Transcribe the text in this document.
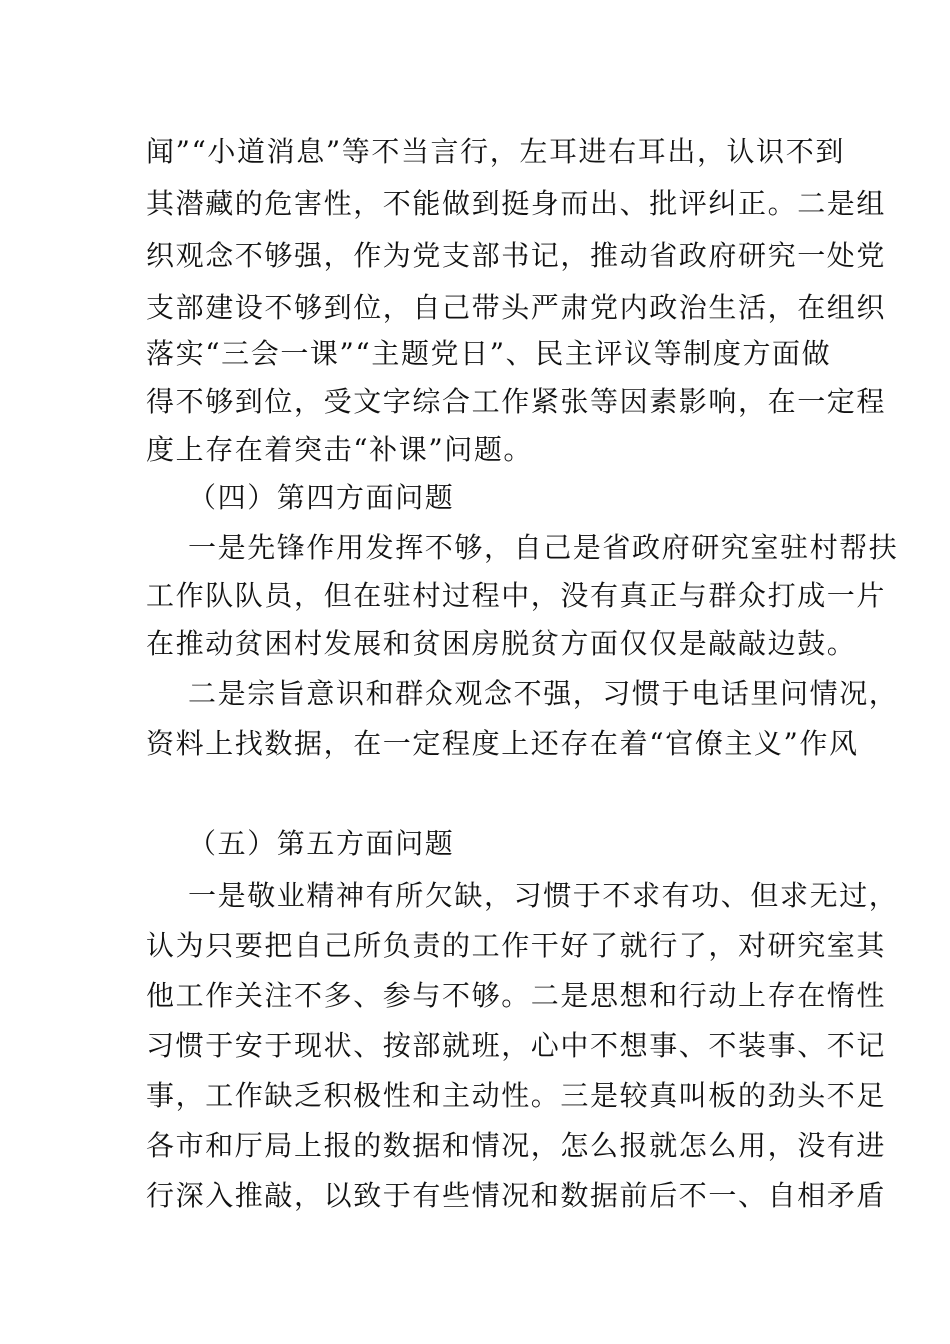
闻”“小道消息”等不当言行，左耳进右耳出，认识不到
其潜藏的危害性，不能做到挺身而出、批评纠正。二是组
织观念不够强，作为党支部书记，推动省政府研究一处党
支部建设不够到位，自己带头严肃党内政治生活，在组织
落实“三会一课”“主题党日”、民主评议等制度方面做
得不够到位，受文字综合工作紧张等因素影响，在一定程
度上存在着突击“补课”问题。
（四）第四方面问题
一是先锋作用发挥不够，自己是省政府研究室驻村帮扶
工作队队员，但在驻村过程中，没有真正与群众打成一片
在推动贫困村发展和贫困房脱贫方面仅仅是敲敲边鼓。
二是宗旨意识和群众观念不强，习惯于电话里问情况，
资料上找数据，在一定程度上还存在着“官僚主义”作风
（五）第五方面问题
一是敬业精神有所欠缺，习惯于不求有功、但求无过，
认为只要把自己所负责的工作干好了就行了，对研究室其
他工作关注不多、参与不够。二是思想和行动上存在惰性
习惯于安于现状、按部就班，心中不想事、不装事、不记
事，工作缺乏积极性和主动性。三是较真叫板的劲头不足
各市和厅局上报的数据和情况，怎么报就怎么用，没有进
行深入推敲，以致于有些情况和数据前后不一、自相矛盾
